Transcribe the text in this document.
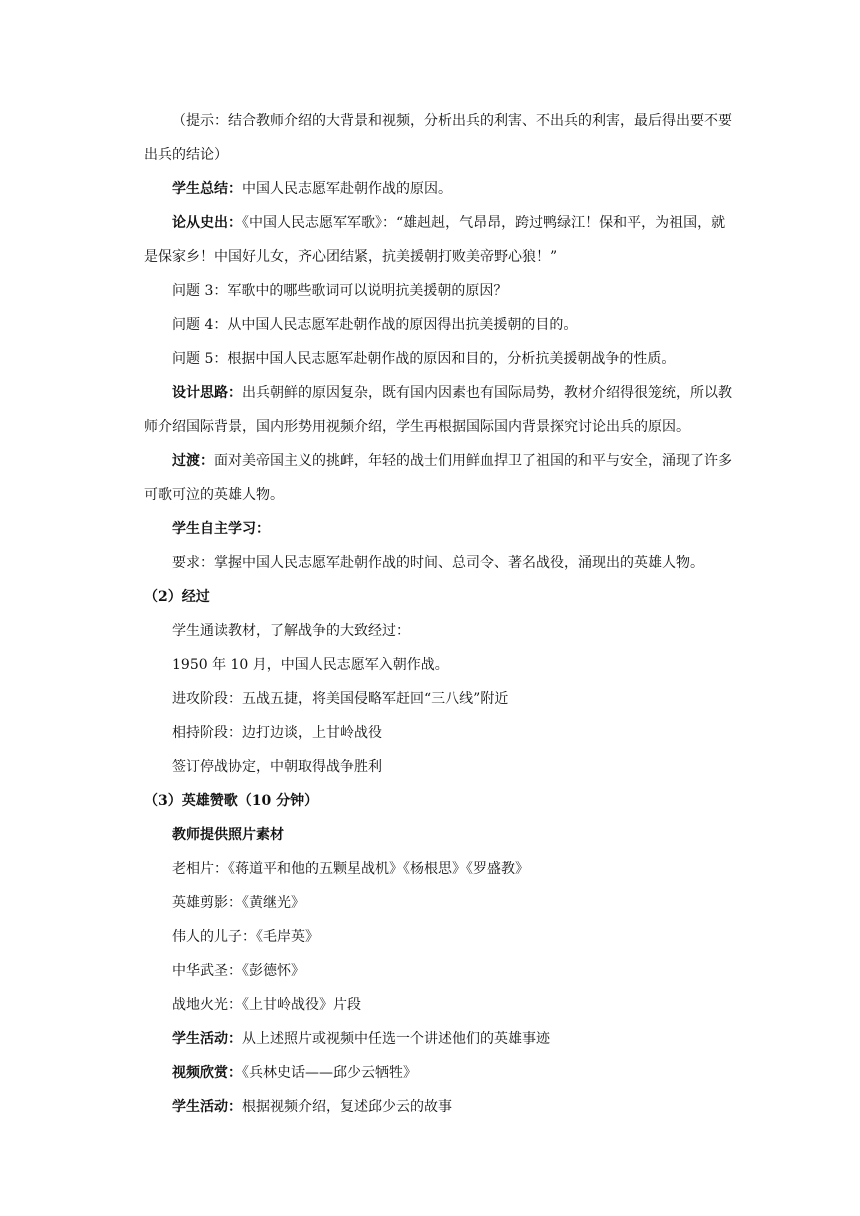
（提示：结合教师介绍的大背景和视频，分析出兵的利害、不出兵的利害，最后得出要不要出兵的结论）

学生总结：中国人民志愿军赴朝作战的原因。

论从史出：《中国人民志愿军军歌》：“雄赳赳，气昂昂，跨过鸭绿江！保和平，为祖国，就是保家乡！中国好儿女，齐心团结紧，抗美援朝打败美帝野心狼！”

问题 3：军歌中的哪些歌词可以说明抗美援朝的原因？

问题 4：从中国人民志愿军赴朝作战的原因得出抗美援朝的目的。

问题 5：根据中国人民志愿军赴朝作战的原因和目的，分析抗美援朝战争的性质。

设计思路：出兵朝鲜的原因复杂，既有国内因素也有国际局势，教材介绍得很笼统，所以教师介绍国际背景，国内形势用视频介绍，学生再根据国际国内背景探究讨论出兵的原因。

过渡：面对美帝国主义的挑衅，年轻的战士们用鲜血捍卫了祖国的和平与安全，涌现了许多可歌可泣的英雄人物。

学生自主学习：

要求：掌握中国人民志愿军赴朝作战的时间、总司令、著名战役，涌现出的英雄人物。

（2）经过

学生通读教材，了解战争的大致经过：

1950 年 10 月，中国人民志愿军入朝作战。

进攻阶段：五战五捷，将美国侵略军赶回“三八线”附近

相持阶段：边打边谈，上甘岭战役

签订停战协定，中朝取得战争胜利

（3）英雄赞歌（10 分钟）

教师提供照片素材

老相片：《蒋道平和他的五颗星战机》《杨根思》《罗盛教》

英雄剪影：《黄继光》

伟人的儿子：《毛岸英》

中华武圣：《彭德怀》

战地火光：《上甘岭战役》片段

学生活动：从上述照片或视频中任选一个讲述他们的英雄事迹

视频欣赏：《兵林史话——邱少云牺牲》

学生活动：根据视频介绍，复述邱少云的故事
